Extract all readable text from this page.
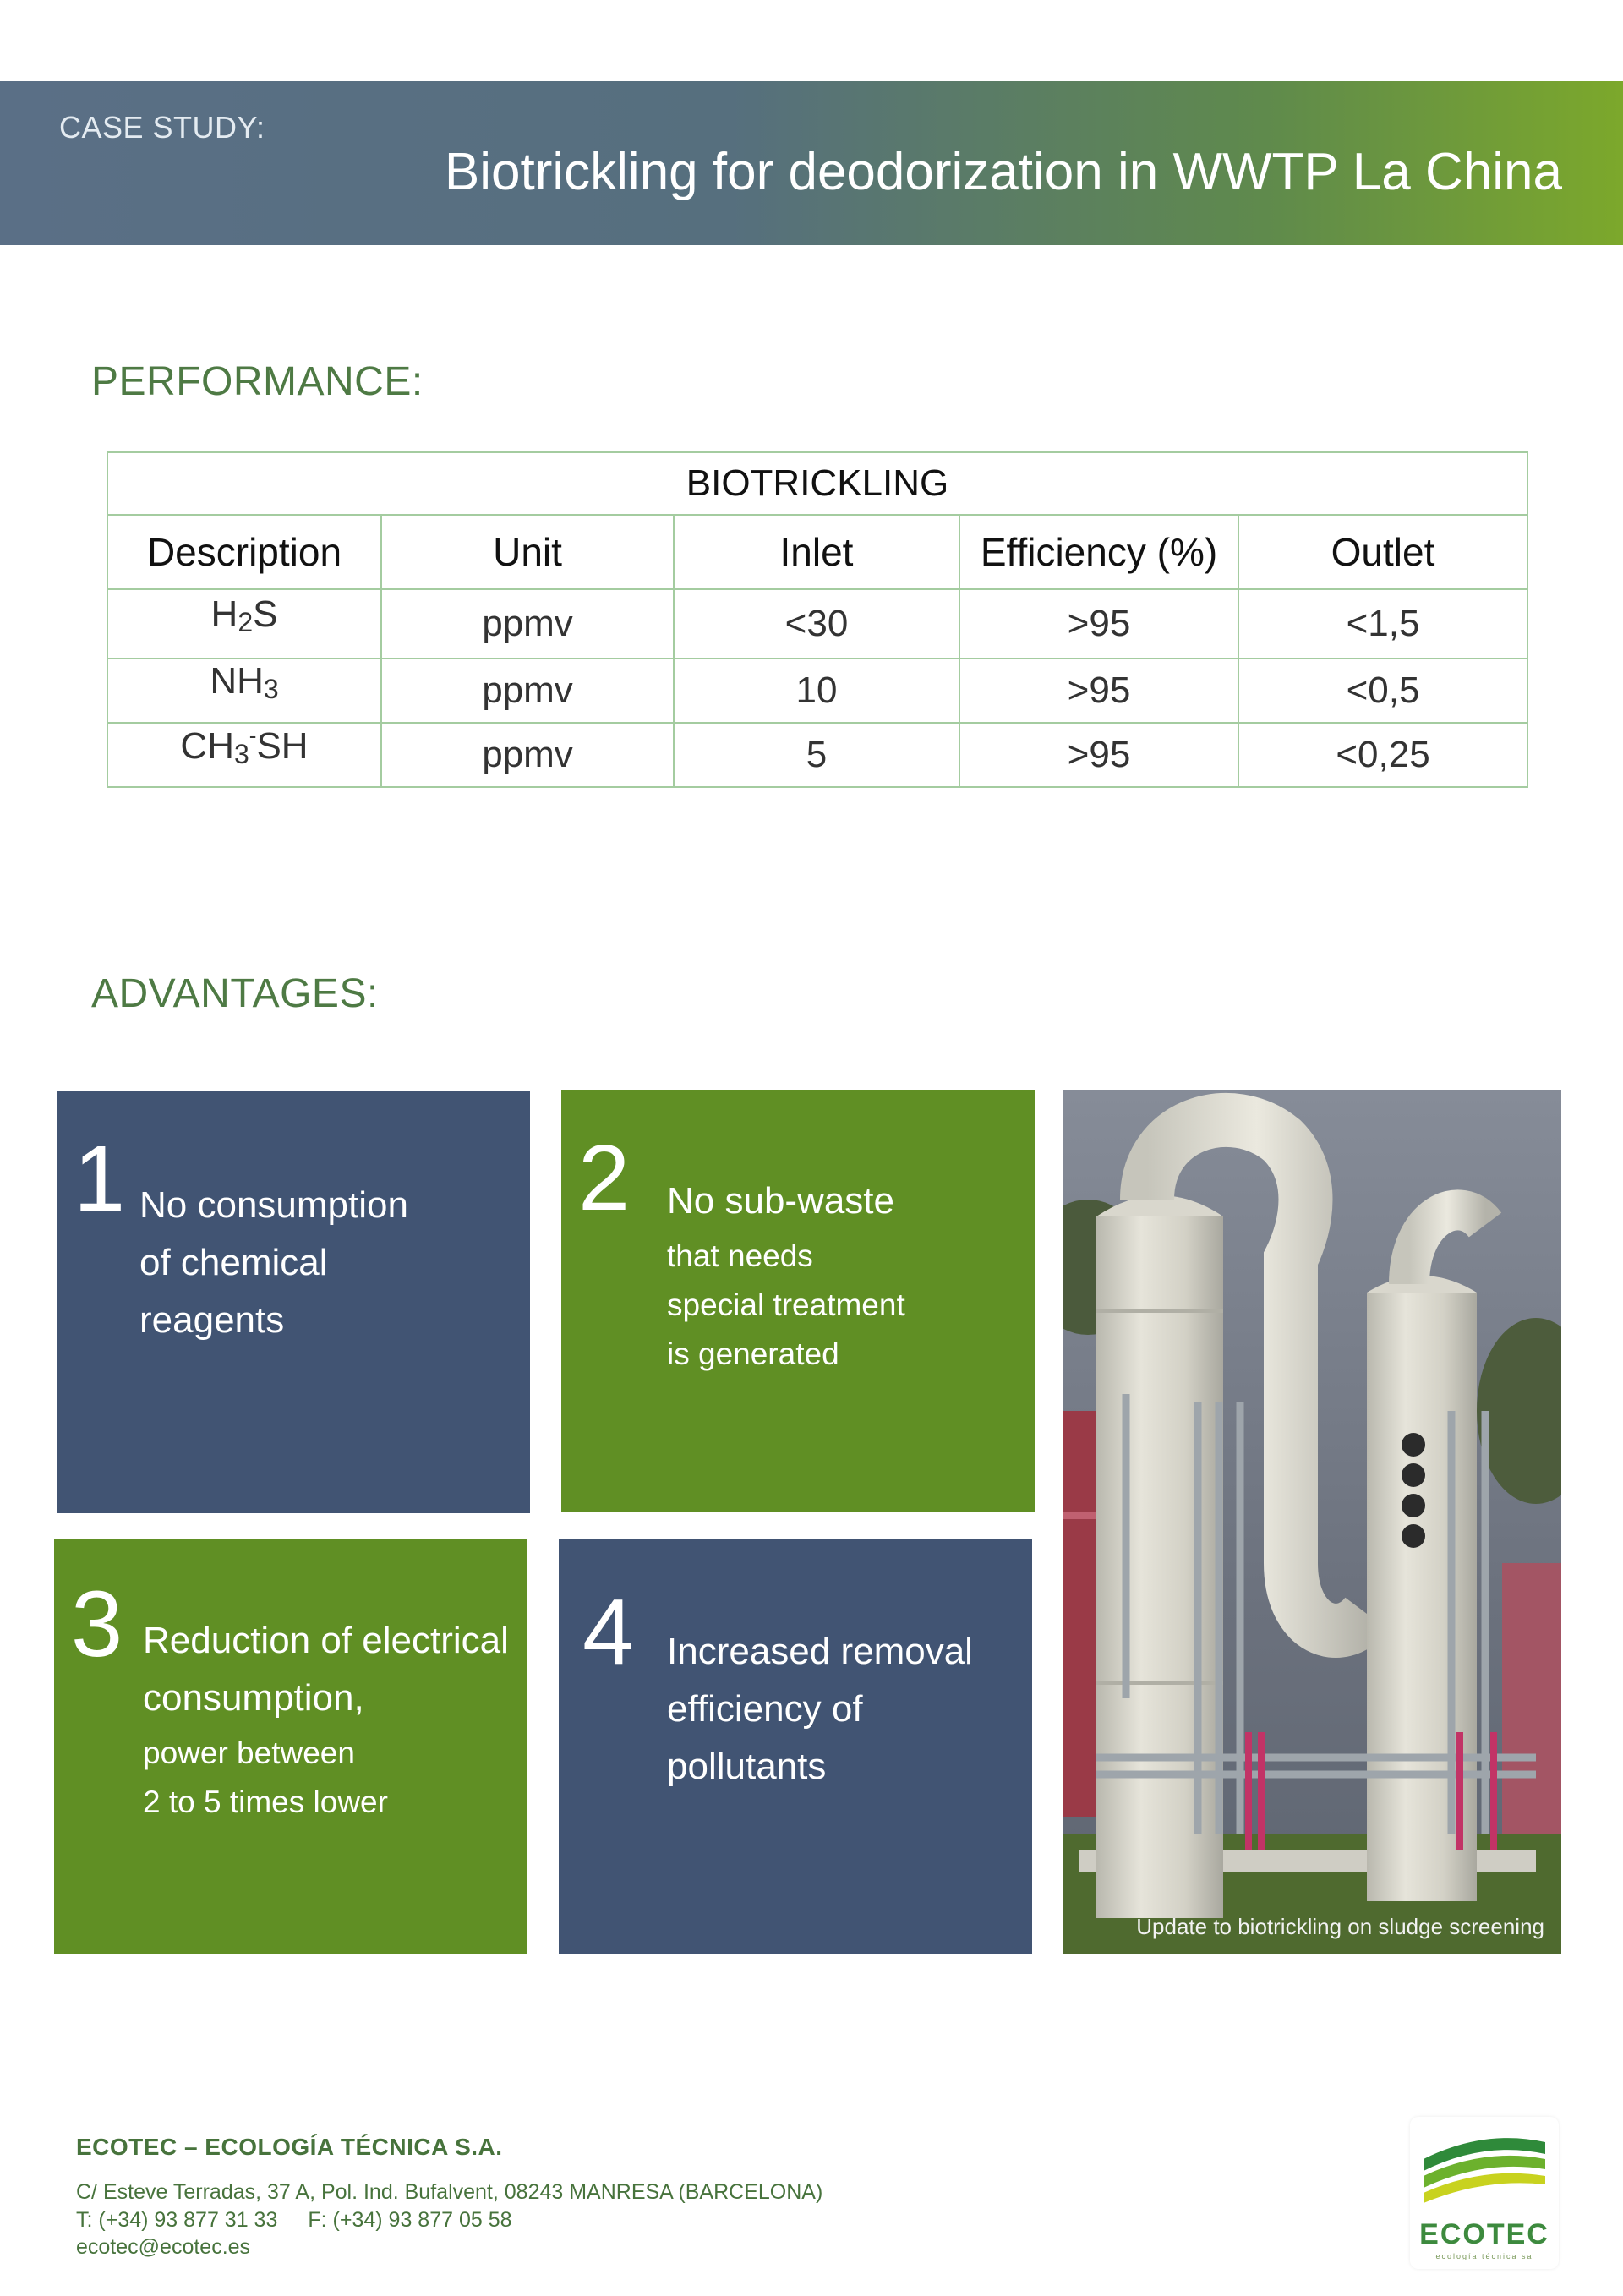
CASE STUDY:
Biotrickling for deodorization in WWTP La China
PERFORMANCE:
BIOTRICKLING				
Description	Unit	Inlet	Efficiency (%)	Outlet
H2S	ppmv	<30	>95	<1,5
NH3	ppmv	10	>95	<0,5
CH3-SH	ppmv	5	>95	<0,25
ADVANTAGES:
1 No consumption
of chemical
reagents
2 No sub-waste
that needs
special treatment
is generated
3 Reduction of electrical
consumption,
power between
2 to 5 times lower
4 Increased removal
efficiency of
pollutants
Update to biotrickling on sludge screening
ECOTEC – ECOLOGÍA TÉCNICA S.A.
C/ Esteve Terradas, 37 A, Pol. Ind. Bufalvent, 08243 MANRESA (BARCELONA)
T: (+34) 93 877 31 33 F: (+34) 93 877 05 58
ecotec@ecotec.es	ECOTEC
ecología técnica sa
